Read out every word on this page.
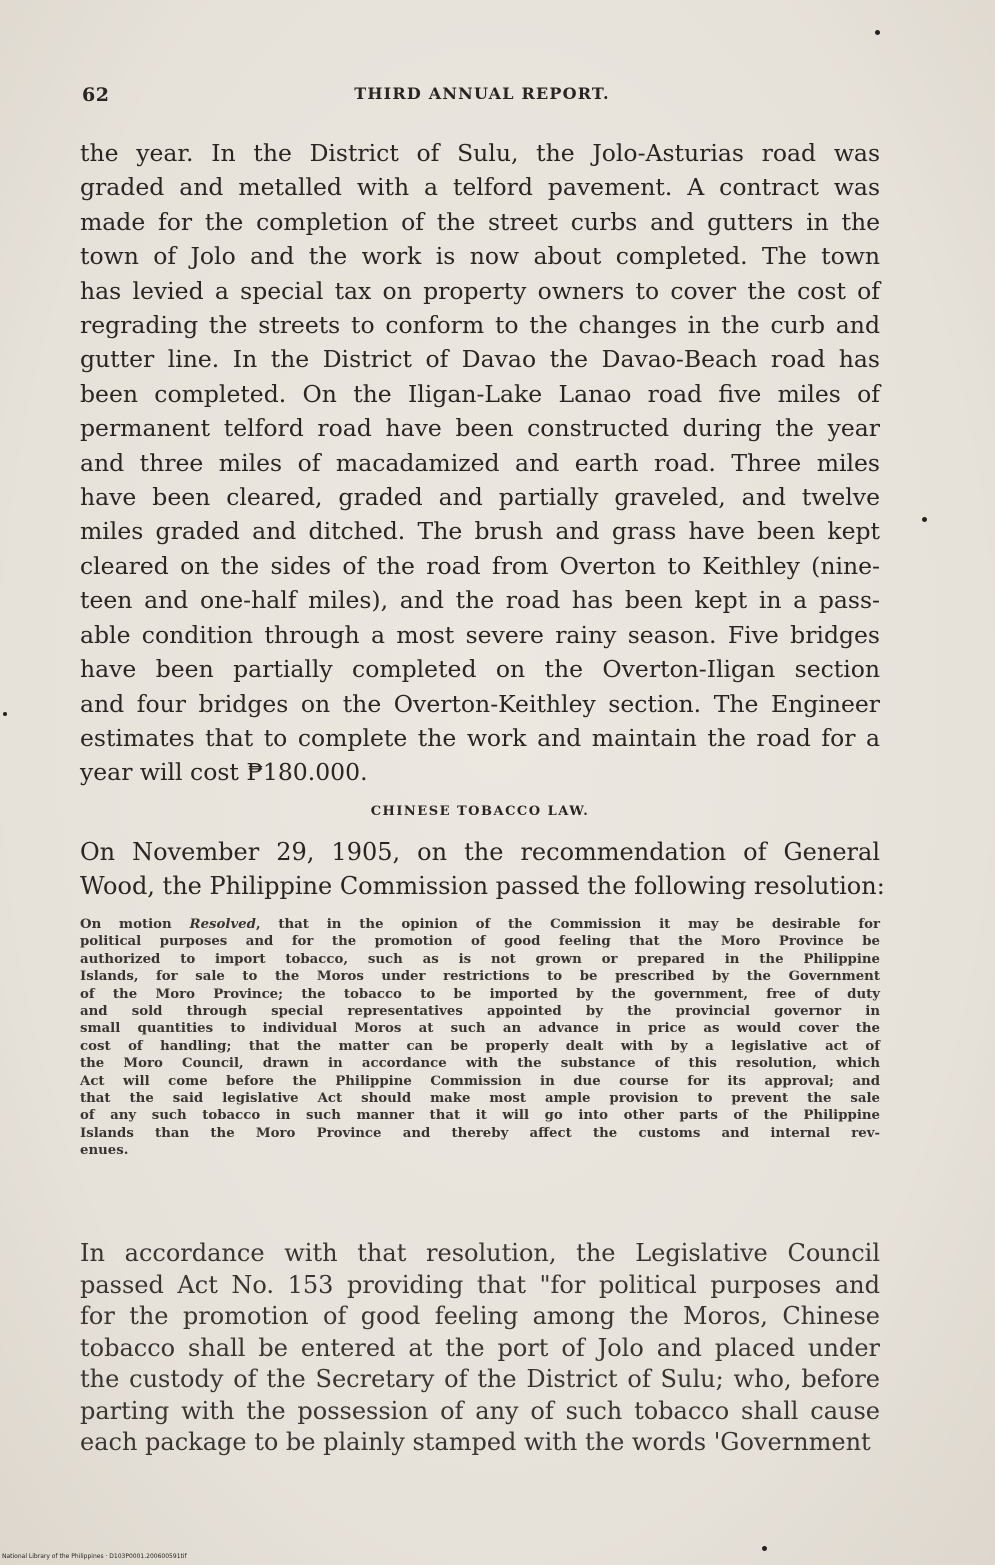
62	THIRD ANNUAL REPORT.
the year. In the District of Sulu, the Jolo-Asturias road was
graded and metalled with a telford pavement. A contract was
made for the completion of the street curbs and gutters in the
town of Jolo and the work is now about completed. The town
has levied a special tax on property owners to cover the cost of
regrading the streets to conform to the changes in the curb and
gutter line. In the District of Davao the Davao-Beach road has
been completed. On the Iligan-Lake Lanao road five miles of
permanent telford road have been constructed during the year
and three miles of macadamized and earth road. Three miles
have been cleared, graded and partially graveled, and twelve
miles graded and ditched. The brush and grass have been kept
cleared on the sides of the road from Overton to Keithley (nine-
teen and one-half miles), and the road has been kept in a pass-
able condition through a most severe rainy season. Five bridges
have been partially completed on the Overton-Iligan section
and four bridges on the Overton-Keithley section. The Engineer
estimates that to complete the work and maintain the road for a
year will cost ₱180.000.
CHINESE TOBACCO LAW.
On November 29, 1905, on the recommendation of General
Wood, the Philippine Commission passed the following resolution:
On motion Resolved, that in the opinion of the Commission it may be desirable for
political purposes and for the promotion of good feeling that the Moro Province be
authorized to import tobacco, such as is not grown or prepared in the Philippine
Islands, for sale to the Moros under restrictions to be prescribed by the Government
of the Moro Province; the tobacco to be imported by the government, free of duty
and sold through special representatives appointed by the provincial governor in
small quantities to individual Moros at such an advance in price as would cover the
cost of handling; that the matter can be properly dealt with by a legislative act of
the Moro Council, drawn in accordance with the substance of this resolution, which
Act will come before the Philippine Commission in due course for its approval; and
that the said legislative Act should make most ample provision to prevent the sale
of any such tobacco in such manner that it will go into other parts of the Philippine
Islands than the Moro Province and thereby affect the customs and internal rev-
enues.
In accordance with that resolution, the Legislative Council
passed Act No. 153 providing that "for political purposes and
for the promotion of good feeling among the Moros, Chinese
tobacco shall be entered at the port of Jolo and placed under
the custody of the Secretary of the District of Sulu; who, before
parting with the possession of any of such tobacco shall cause
each package to be plainly stamped with the words 'Government
National Library of the Philippines · D103P0001.200600591tif
